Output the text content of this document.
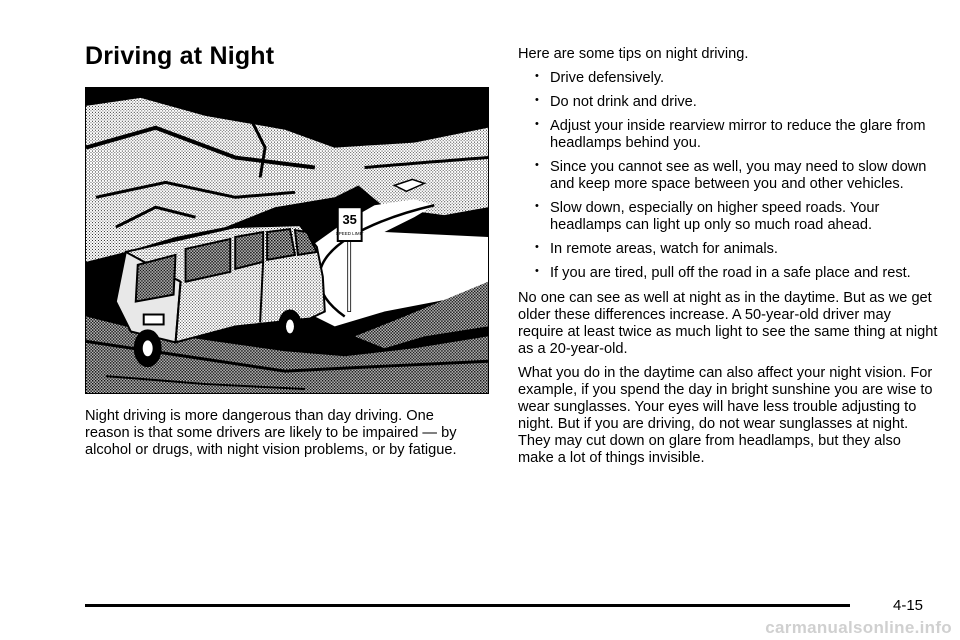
Driving at Night
35
SPEED LIMIT

Night driving is more dangerous than day driving. One reason is that some drivers are likely to be impaired — by alcohol or drugs, with night vision problems, or by fatigue.

Here are some tips on night driving.

• Drive defensively.
• Do not drink and drive.
• Adjust your inside rearview mirror to reduce the glare from headlamps behind you.
• Since you cannot see as well, you may need to slow down and keep more space between you and other vehicles.
• Slow down, especially on higher speed roads. Your headlamps can light up only so much road ahead.
• In remote areas, watch for animals.
• If you are tired, pull off the road in a safe place and rest.

No one can see as well at night as in the daytime. But as we get older these differences increase. A 50-year-old driver may require at least twice as much light to see the same thing at night as a 20-year-old.

What you do in the daytime can also affect your night vision. For example, if you spend the day in bright sunshine you are wise to wear sunglasses. Your eyes will have less trouble adjusting to night. But if you are driving, do not wear sunglasses at night. They may cut down on glare from headlamps, but they also make a lot of things invisible.

4-15
carmanualsonline.info
